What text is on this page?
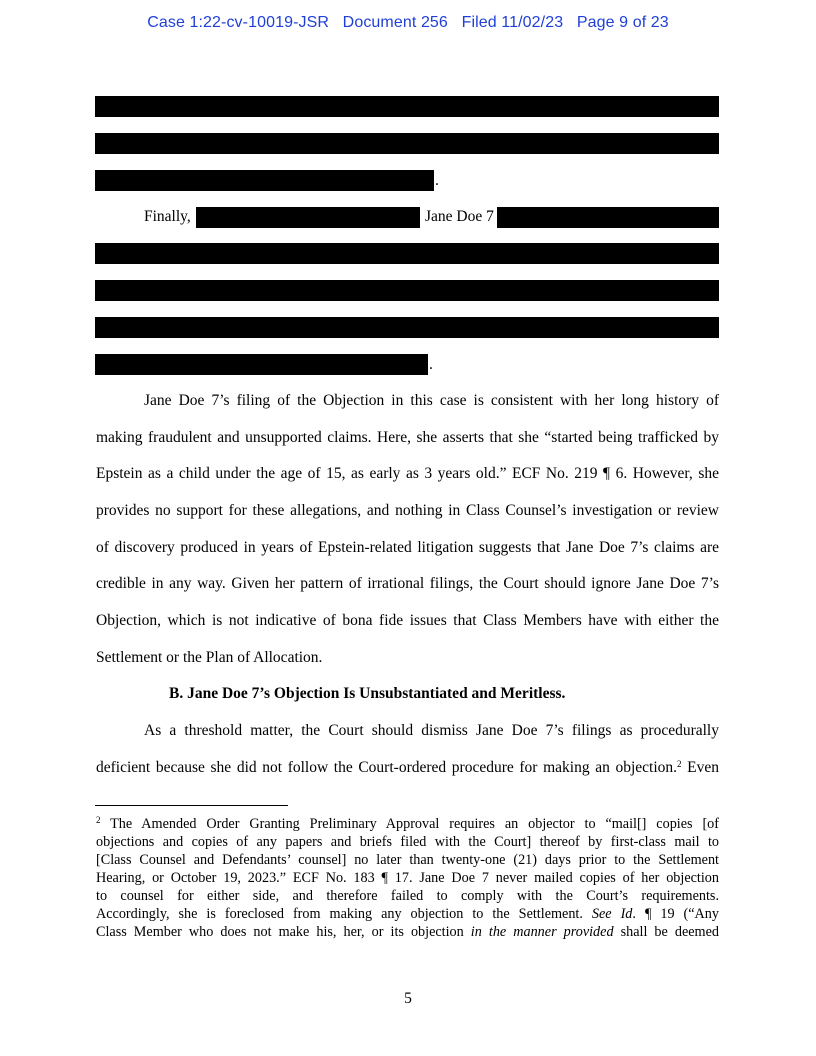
Case 1:22-cv-10019-JSR Document 256 Filed 11/02/23 Page 9 of 23
.
Finally,	Jane Doe 7
.
Jane Doe 7’s filing of the Objection in this case is consistent with her long history of
making fraudulent and unsupported claims. Here, she asserts that she “started being trafficked by
Epstein as a child under the age of 15, as early as 3 years old.” ECF No. 219 ¶ 6. However, she
provides no support for these allegations, and nothing in Class Counsel’s investigation or review
of discovery produced in years of Epstein-related litigation suggests that Jane Doe 7’s claims are
credible in any way. Given her pattern of irrational filings, the Court should ignore Jane Doe 7’s
Objection, which is not indicative of bona fide issues that Class Members have with either the
Settlement or the Plan of Allocation.
B. Jane Doe 7’s Objection Is Unsubstantiated and Meritless.
As a threshold matter, the Court should dismiss Jane Doe 7’s filings as procedurally
deficient because she did not follow the Court-ordered procedure for making an objection.$^2$ Even
$^2$ The Amended Order Granting Preliminary Approval requires an objector to “mail[] copies [of
objections and copies of any papers and briefs filed with the Court] thereof by first-class mail to
[Class Counsel and Defendants’ counsel] no later than twenty-one (21) days prior to the Settlement
Hearing, or October 19, 2023.” ECF No. 183 ¶ 17. Jane Doe 7 never mailed copies of her objection
to counsel for either side, and therefore failed to comply with the Court’s requirements.
Accordingly, she is foreclosed from making any objection to the Settlement. See Id. ¶ 19 (“Any
Class Member who does not make his, her, or its objection in the manner provided shall be deemed
5
